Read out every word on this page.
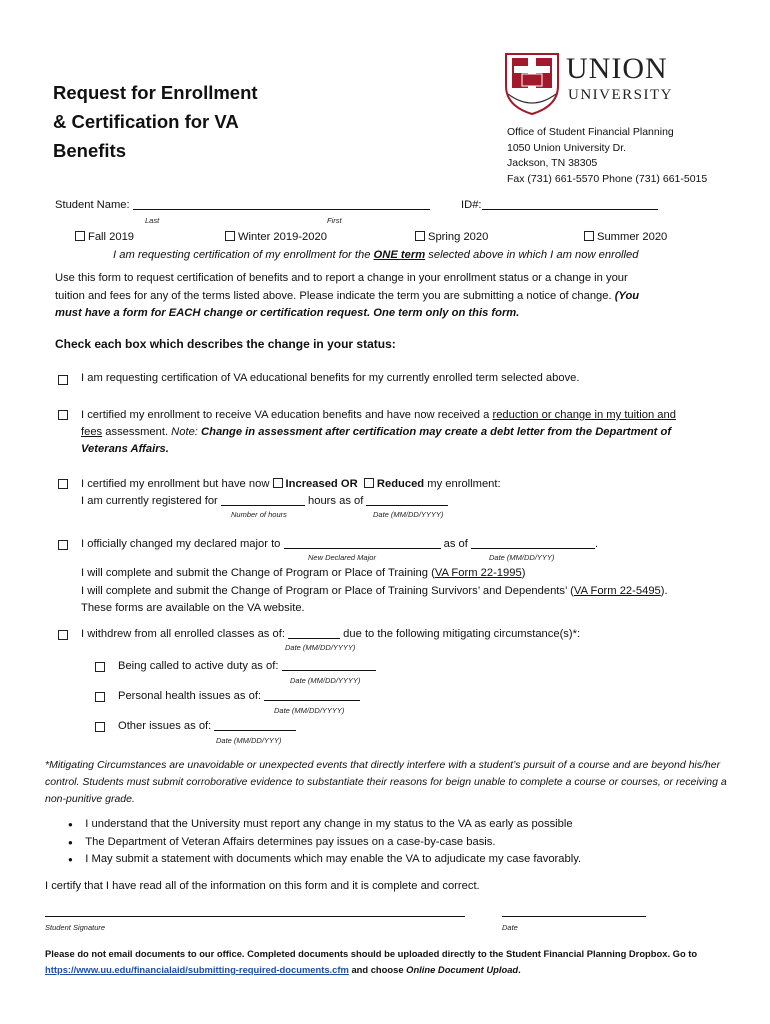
Request for Enrollment
& Certification for VA
Benefits
UNION
UNIVERSITY
Office of Student Financial Planning
1050 Union University Dr.
Jackson, TN 38305
Fax (731) 661-5570 Phone (731) 661-5015
Student Name:	ID#:
Last	First
Fall 2019	Winter 2019-2020	Spring 2020	Summer 2020
I am requesting certification of my enrollment for the ONE term selected above in which I am now enrolled
Use this form to request certification of benefits and to report a change in your enrollment status or a change in your
tuition and fees for any of the terms listed above. Please indicate the term you are submitting a notice of change. (You
must have a form for EACH change or certification request. One term only on this form.
Check each box which describes the change in your status:
I am requesting certification of VA educational benefits for my currently enrolled term selected above.
I certified my enrollment to receive VA education benefits and have now received a reduction or change in my tuition and
fees assessment. Note: Change in assessment after certification may create a debt letter from the Department of
Veterans Affairs.
I certified my enrollment but have now Increased OR Reduced my enrollment:
I am currently registered for	hours as of
Number of hours	Date (MM/DD/YYYY)
I officially changed my declared major to	as of	.
New Declared Major	Date (MM/DD/YYY)
I will complete and submit the Change of Program or Place of Training (VA Form 22-1995)
I will complete and submit the Change of Program or Place of Training Survivors’ and Dependents’ (VA Form 22-5495).
These forms are available on the VA website.
I withdrew from all enrolled classes as of:	due to the following mitigating circumstance(s)*:
Date (MM/DD/YYYY)
Being called to active duty as of:
Date (MM/DD/YYYY)
Personal health issues as of:
Date (MM/DD/YYYY)
Other issues as of:
Date (MM/DD/YYY)
*Mitigating Circumstances are unavoidable or unexpected events that directly interfere with a student’s pursuit of a course and are beyond his/her
control. Students must submit corroborative evidence to substantiate their reasons for beign unable to complete a course or courses, or receiving a
non-punitive grade.
● I understand that the University must report any change in my status to the VA as early as possible
● The Department of Veteran Affairs determines pay issues on a case-by-case basis.
● I May submit a statement with documents which may enable the VA to adjudicate my case favorably.
I certify that I have read all of the information on this form and it is complete and correct.
Student Signature	Date
Please do not email documents to our office. Completed documents should be uploaded directly to the Student Financial Planning Dropbox. Go to
https://www.uu.edu/financialaid/submitting-required-documents.cfm and choose Online Document Upload.
